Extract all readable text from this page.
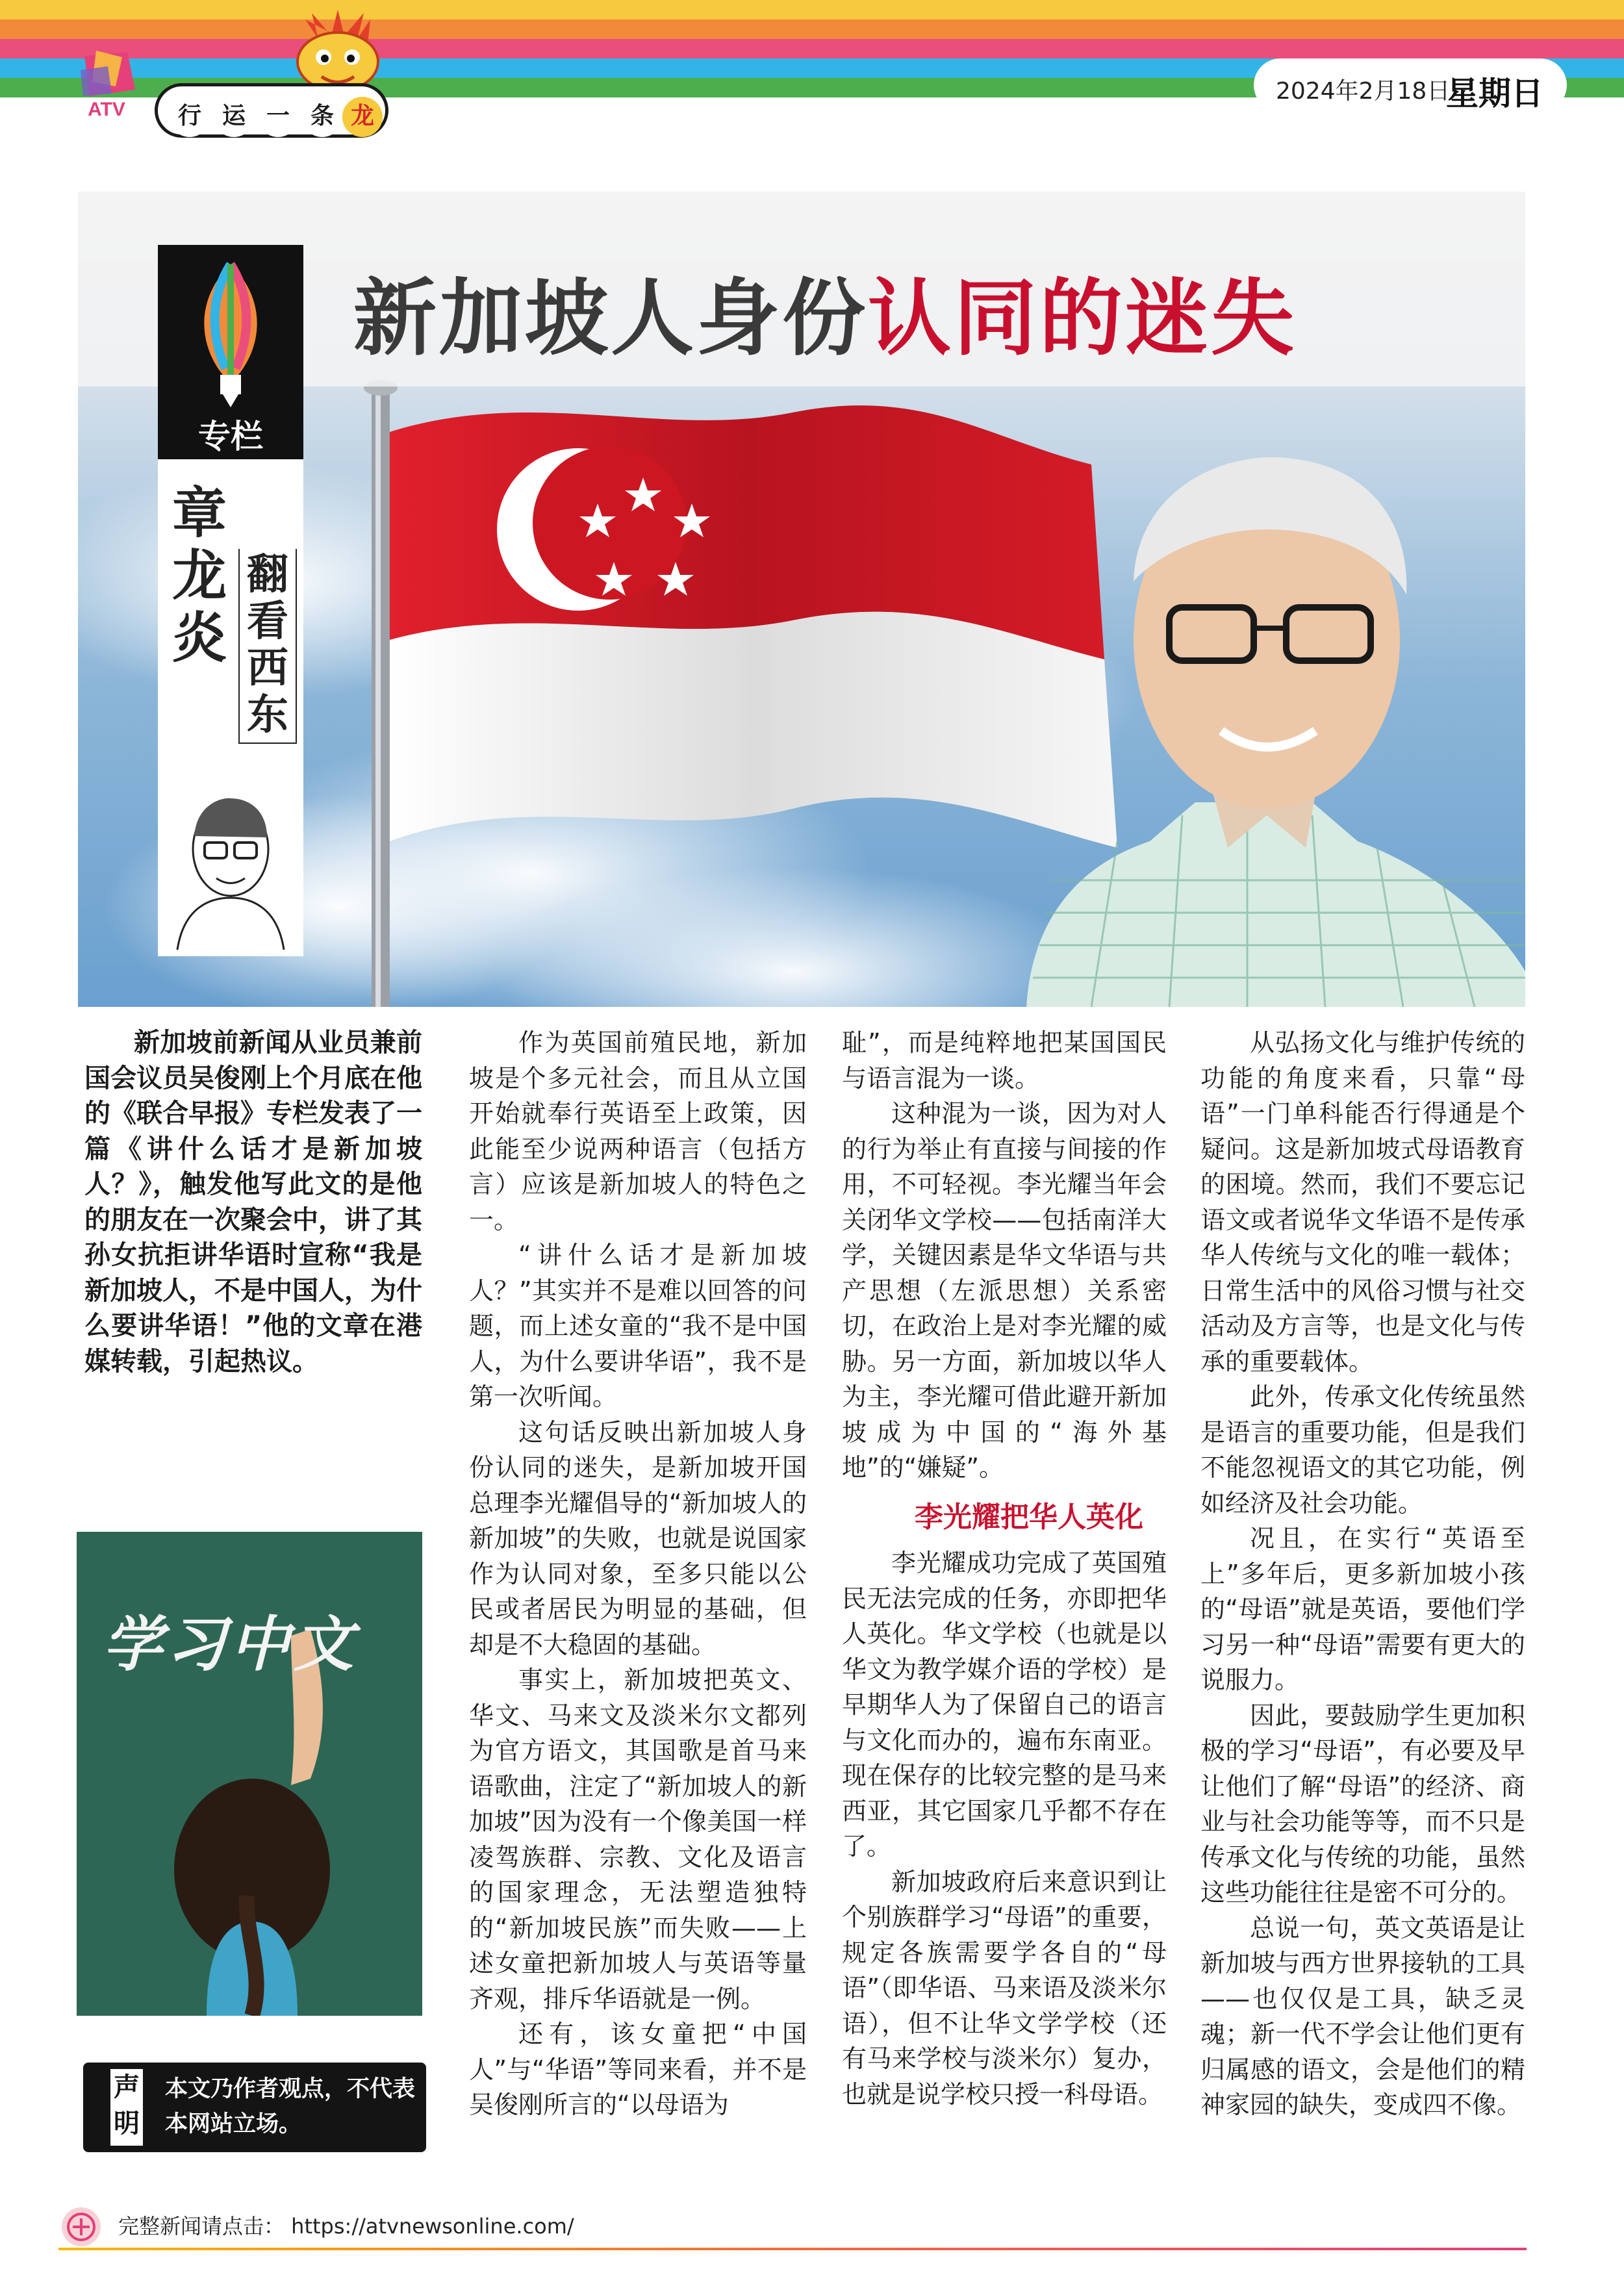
ATV	行 运 一 条 龙
2024年2月18日
星期日
新加坡人身份认同的迷失
专栏
章龙炎
翻看西东

新加坡前新闻从业员兼前国会议员吴俊刚上个月底在他的《联合早报》专栏发表了一篇《讲什么话才是新加坡人？》，触发他写此文的是他的朋友在一次聚会中，讲了其孙女抗拒讲华语时宣称“我是新加坡人，不是中国人，为什么要讲华语！”他的文章在港媒转载，引起热议。

学习中文
声明
本文乃作者观点，不代表本网站立场。

作为英国前殖民地，新加坡是个多元社会，而且从立国开始就奉行英语至上政策，因此能至少说两种语言（包括方言）应该是新加坡人的特色之一。

“讲什么话才是新加坡人？”其实并不是难以回答的问题，而上述女童的“我不是中国人，为什么要讲华语”，我不是第一次听闻。

这句话反映出新加坡人身份认同的迷失，是新加坡开国总理李光耀倡导的“新加坡人的新加坡”的失败，也就是说国家作为认同对象，至多只能以公民或者居民为明显的基础，但却是不大稳固的基础。

事实上，新加坡把英文、华文、马来文及淡米尔文都列为官方语文，其国歌是首马来语歌曲，注定了“新加坡人的新加坡”因为没有一个像美国一样凌驾族群、宗教、文化及语言的国家理念，无法塑造独特的“新加坡民族”而失败——上述女童把新加坡人与英语等量齐观，排斥华语就是一例。

还有，该女童把“中国人”与“华语”等同来看，并不是吴俊刚所言的“以母语为

耻”，而是纯粹地把某国国民与语言混为一谈。

这种混为一谈，因为对人的行为举止有直接与间接的作用，不可轻视。李光耀当年会关闭华文学校——包括南洋大学，关键因素是华文华语与共产思想（左派思想）关系密切，在政治上是对李光耀的威胁。另一方面，新加坡以华人为主，李光耀可借此避开新加坡成为中国的“海外基地”的“嫌疑”。

李光耀把华人英化

李光耀成功完成了英国殖民无法完成的任务，亦即把华人英化。华文学校（也就是以华文为教学媒介语的学校）是早期华人为了保留自己的语言与文化而办的，遍布东南亚。现在保存的比较完整的是马来西亚，其它国家几乎都不存在了。

新加坡政府后来意识到让个别族群学习“母语”的重要，规定各族需要学各自的“母语”（即华语、马来语及淡米尔语），但不让华文学学校（还有马来学校与淡米尔）复办，也就是说学校只授一科母语。

从弘扬文化与维护传统的功能的角度来看，只靠“母语”一门单科能否行得通是个疑问。这是新加坡式母语教育的困境。然而，我们不要忘记语文或者说华文华语不是传承华人传统与文化的唯一载体；日常生活中的风俗习惯与社交活动及方言等，也是文化与传承的重要载体。

此外，传承文化传统虽然是语言的重要功能，但是我们不能忽视语文的其它功能，例如经济及社会功能。

况且，在实行“英语至上”多年后，更多新加坡小孩的“母语”就是英语，要他们学习另一种“母语”需要有更大的说服力。

因此，要鼓励学生更加积极的学习“母语”，有必要及早让他们了解“母语”的经济、商业与社会功能等等，而不只是传承文化与传统的功能，虽然这些功能往往是密不可分的。

总说一句，英文英语是让新加坡与西方世界接轨的工具——也仅仅是工具，缺乏灵魂；新一代不学会让他们更有归属感的语文，会是他们的精神家园的缺失，变成四不像。

完整新闻请点击： https://atvnewsonline.com/
